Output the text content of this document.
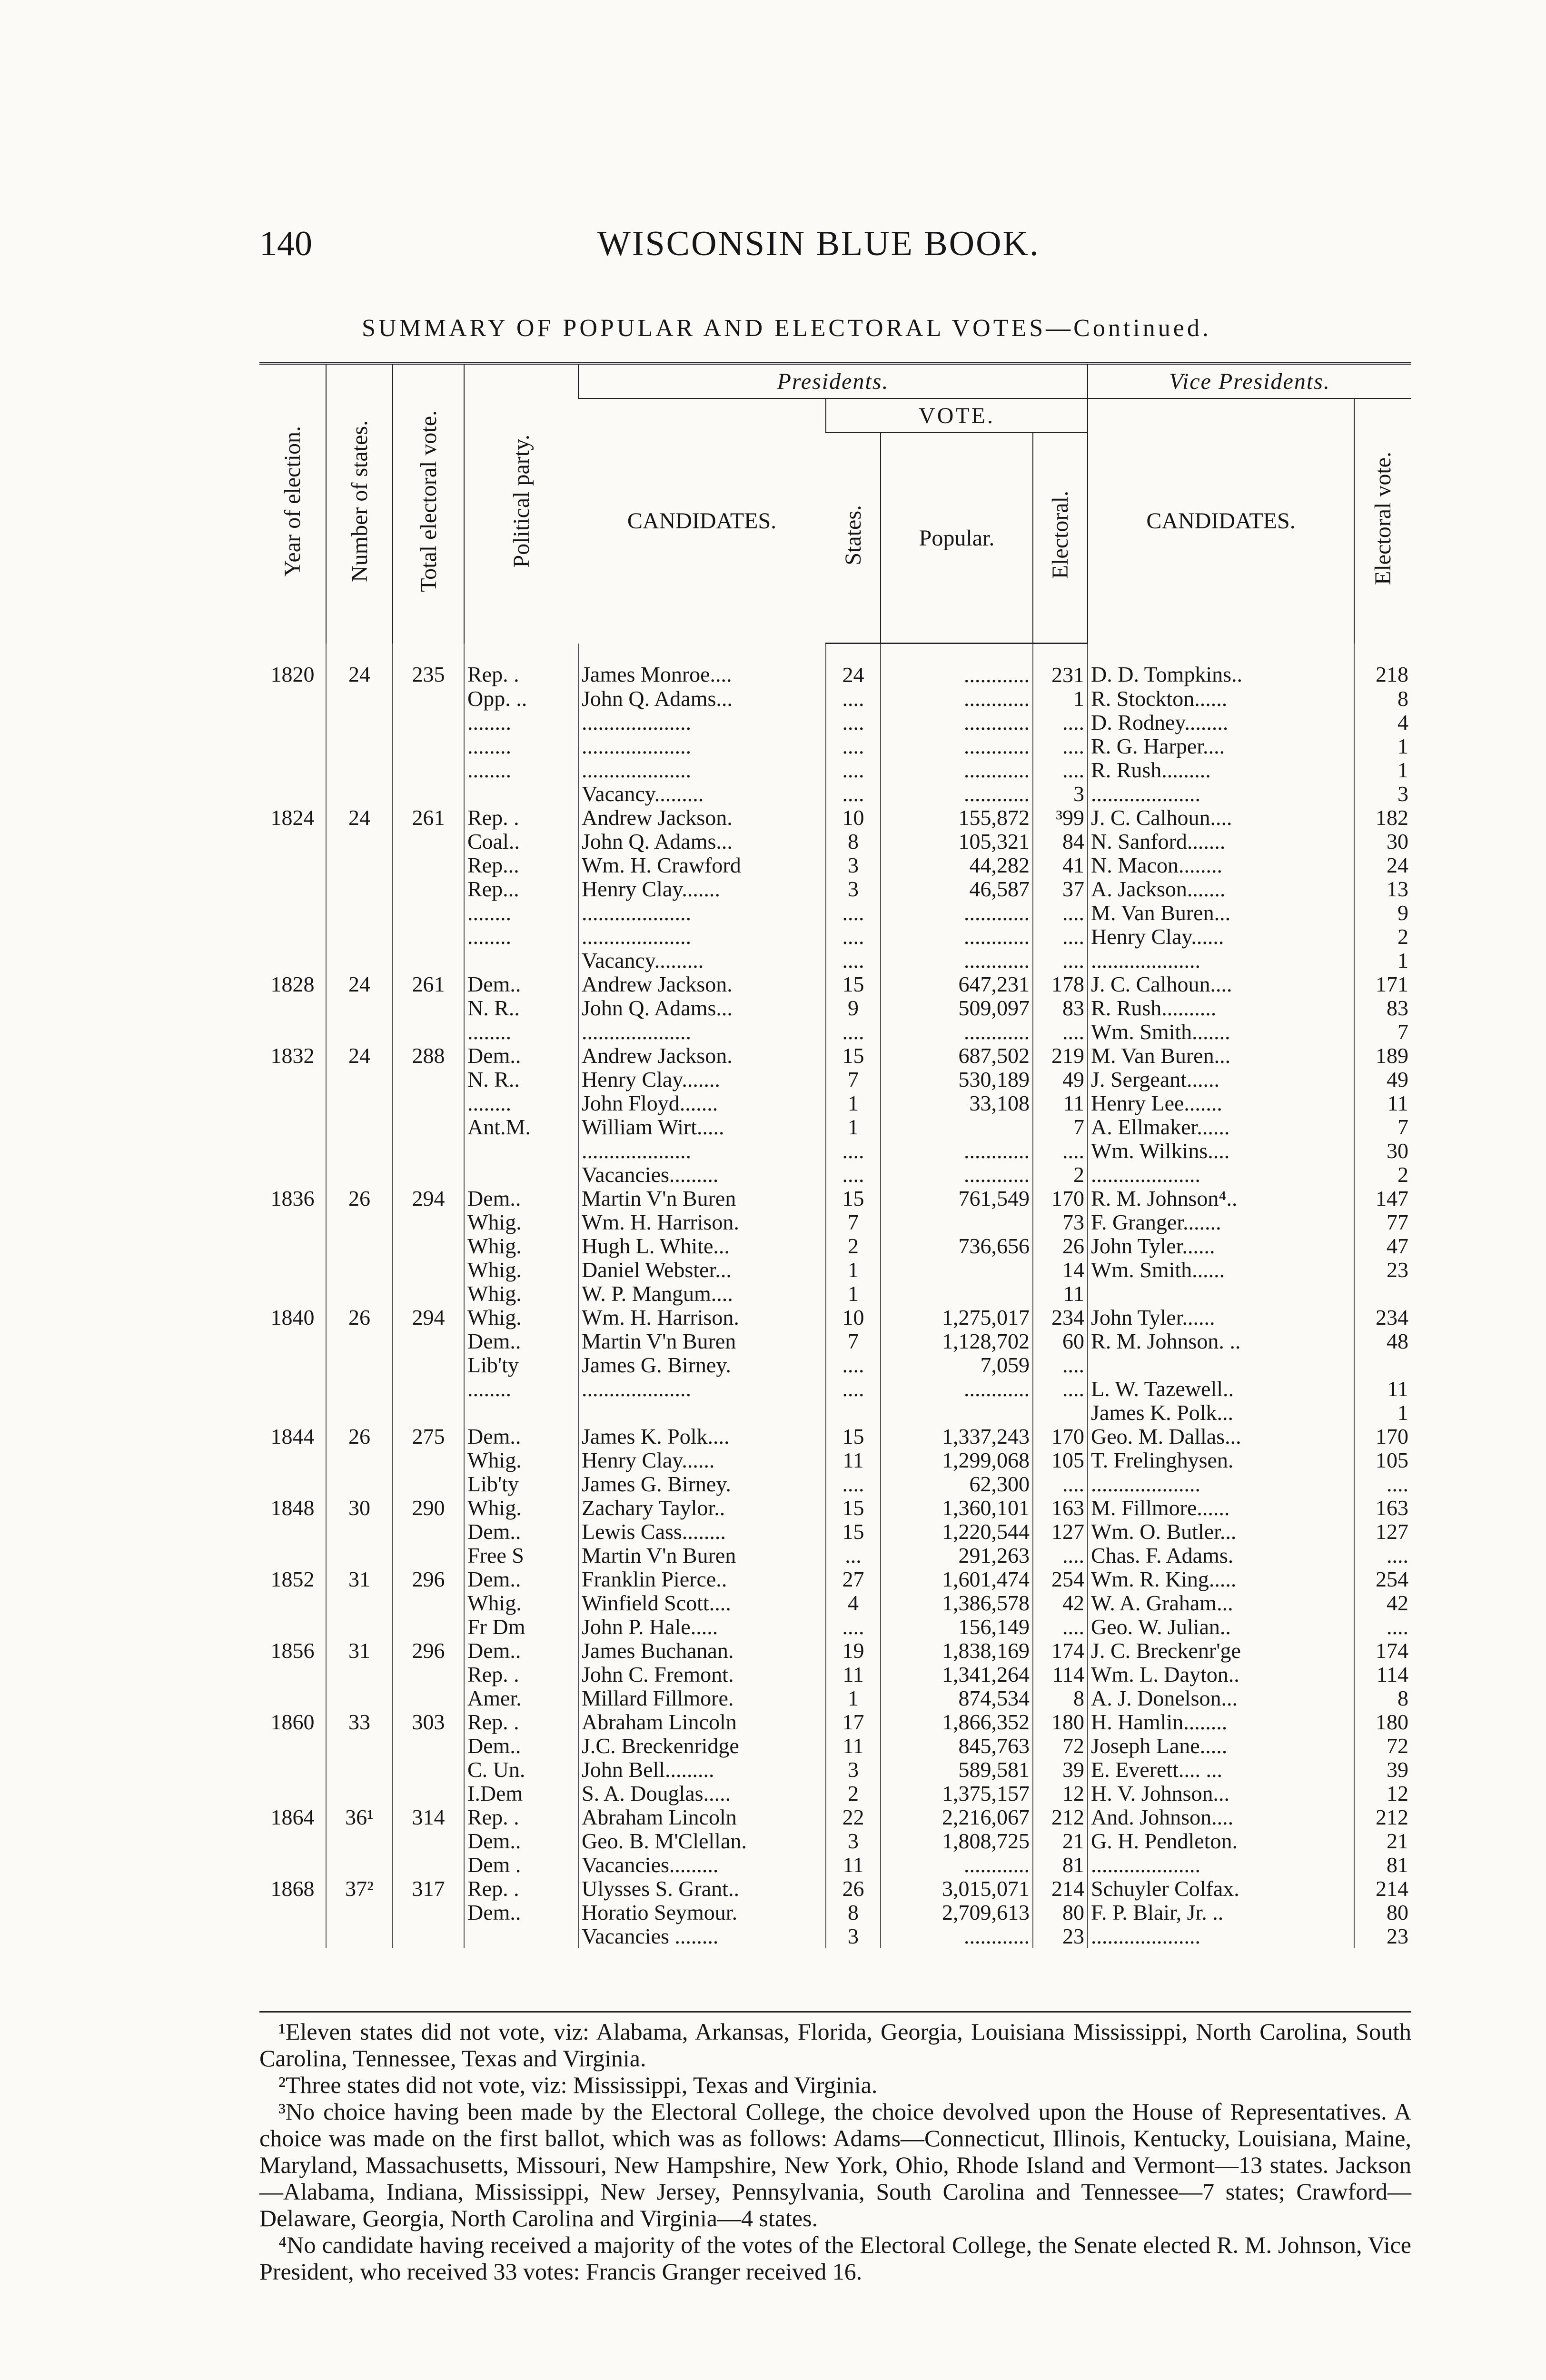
140	WISCONSIN BLUE BOOK.
SUMMARY OF POPULAR AND ELECTORAL VOTES—Continued.
Year of election.	Number of states.	Total electoral vote.	Political party.	Presidents.				Vice Presidents.	
				CANDIDATES.	VOTE.			CANDIDATES.	Electoral vote.
					States.	Popular.	Electoral.		
1820	24	235	Rep. .	James Monroe....	24	............	231	D. D. Tompkins..	218
			Opp. ..	John Q. Adams...	....	............	1	R. Stockton......	8
			........	....................	....	............	....	D. Rodney........	4
			........	....................	....	............	....	R. G. Harper....	1
			........	....................	....	............	....	R. Rush.........	1
				Vacancy.........	....	............	3	....................	3
1824	24	261	Rep. .	Andrew Jackson.	10	155,872	³99	J. C. Calhoun....	182
			Coal..	John Q. Adams...	8	105,321	84	N. Sanford.......	30
			Rep...	Wm. H. Crawford	3	44,282	41	N. Macon........	24
			Rep...	Henry Clay.......	3	46,587	37	A. Jackson.......	13
			........	....................	....	............	....	M. Van Buren...	9
			........	....................	....	............	....	Henry Clay......	2
				Vacancy.........	....	............	....	....................	1
1828	24	261	Dem..	Andrew Jackson.	15	647,231	178	J. C. Calhoun....	171
			N. R..	John Q. Adams...	9	509,097	83	R. Rush..........	83
			........	....................	....	............	....	Wm. Smith.......	7
1832	24	288	Dem..	Andrew Jackson.	15	687,502	219	M. Van Buren...	189
			N. R..	Henry Clay.......	7	530,189	49	J. Sergeant......	49
			........	John Floyd.......	1	33,108	11	Henry Lee.......	11
			Ant.M.	William Wirt.....	1		7	A. Ellmaker......	7
				....................	....	............	....	Wm. Wilkins....	30
				Vacancies.........	....	............	2	....................	2
1836	26	294	Dem..	Martin V'n Buren	15	761,549	170	R. M. Johnson⁴..	147
			Whig.	Wm. H. Harrison.	7		73	F. Granger.......	77
			Whig.	Hugh L. White...	2	736,656	26	John Tyler......	47
			Whig.	Daniel Webster...	1		14	Wm. Smith......	23
			Whig.	W. P. Mangum....	1		11		
1840	26	294	Whig.	Wm. H. Harrison.	10	1,275,017	234	John Tyler......	234
			Dem..	Martin V'n Buren	7	1,128,702	60	R. M. Johnson. ..	48
			Lib'ty	James G. Birney.	....	7,059	....		
			........	....................	....	............	....	L. W. Tazewell..	11
								James K. Polk...	1
1844	26	275	Dem..	James K. Polk....	15	1,337,243	170	Geo. M. Dallas...	170
			Whig.	Henry Clay......	11	1,299,068	105	T. Frelinghysen.	105
			Lib'ty	James G. Birney.	....	62,300	....	....................	....
1848	30	290	Whig.	Zachary Taylor..	15	1,360,101	163	M. Fillmore......	163
			Dem..	Lewis Cass........	15	1,220,544	127	Wm. O. Butler...	127
			Free S	Martin V'n Buren	...	291,263	....	Chas. F. Adams.	....
1852	31	296	Dem..	Franklin Pierce..	27	1,601,474	254	Wm. R. King.....	254
			Whig.	Winfield Scott....	4	1,386,578	42	W. A. Graham...	42
			Fr Dm	John P. Hale.....	....	156,149	....	Geo. W. Julian..	....
1856	31	296	Dem..	James Buchanan.	19	1,838,169	174	J. C. Breckenr'ge	174
			Rep. .	John C. Fremont.	11	1,341,264	114	Wm. L. Dayton..	114
			Amer.	Millard Fillmore.	1	874,534	8	A. J. Donelson...	8
1860	33	303	Rep. .	Abraham Lincoln	17	1,866,352	180	H. Hamlin........	180
			Dem..	J.C. Breckenridge	11	845,763	72	Joseph Lane.....	72
			C. Un.	John Bell.........	3	589,581	39	E. Everett.... ...	39
			I.Dem	S. A. Douglas.....	2	1,375,157	12	H. V. Johnson...	12
1864	36¹	314	Rep. .	Abraham Lincoln	22	2,216,067	212	And. Johnson....	212
			Dem..	Geo. B. M'Clellan.	3	1,808,725	21	G. H. Pendleton.	21
			Dem .	Vacancies.........	11	............	81	....................	81
1868	37²	317	Rep. .	Ulysses S. Grant..	26	3,015,071	214	Schuyler Colfax.	214
			Dem..	Horatio Seymour.	8	2,709,613	80	F. P. Blair, Jr. ..	80
				Vacancies ........	3	............	23	....................	23

¹Eleven states did not vote, viz: Alabama, Arkansas, Florida, Georgia, Louisiana Mississippi, North Carolina, South Carolina, Tennessee, Texas and Virginia.

²Three states did not vote, viz: Mississippi, Texas and Virginia.

³No choice having been made by the Electoral College, the choice devolved upon the House of Representatives. A choice was made on the first ballot, which was as follows: Adams—Connecticut, Illinois, Kentucky, Louisiana, Maine, Maryland, Massachusetts, Missouri, New Hampshire, New York, Ohio, Rhode Island and Vermont—13 states. Jackson—Alabama, Indiana, Mississippi, New Jersey, Pennsylvania, South Carolina and Tennessee—7 states; Crawford—Delaware, Georgia, North Carolina and Virginia—4 states.

⁴No candidate having received a majority of the votes of the Electoral College, the Senate elected R. M. Johnson, Vice President, who received 33 votes: Francis Granger received 16.
